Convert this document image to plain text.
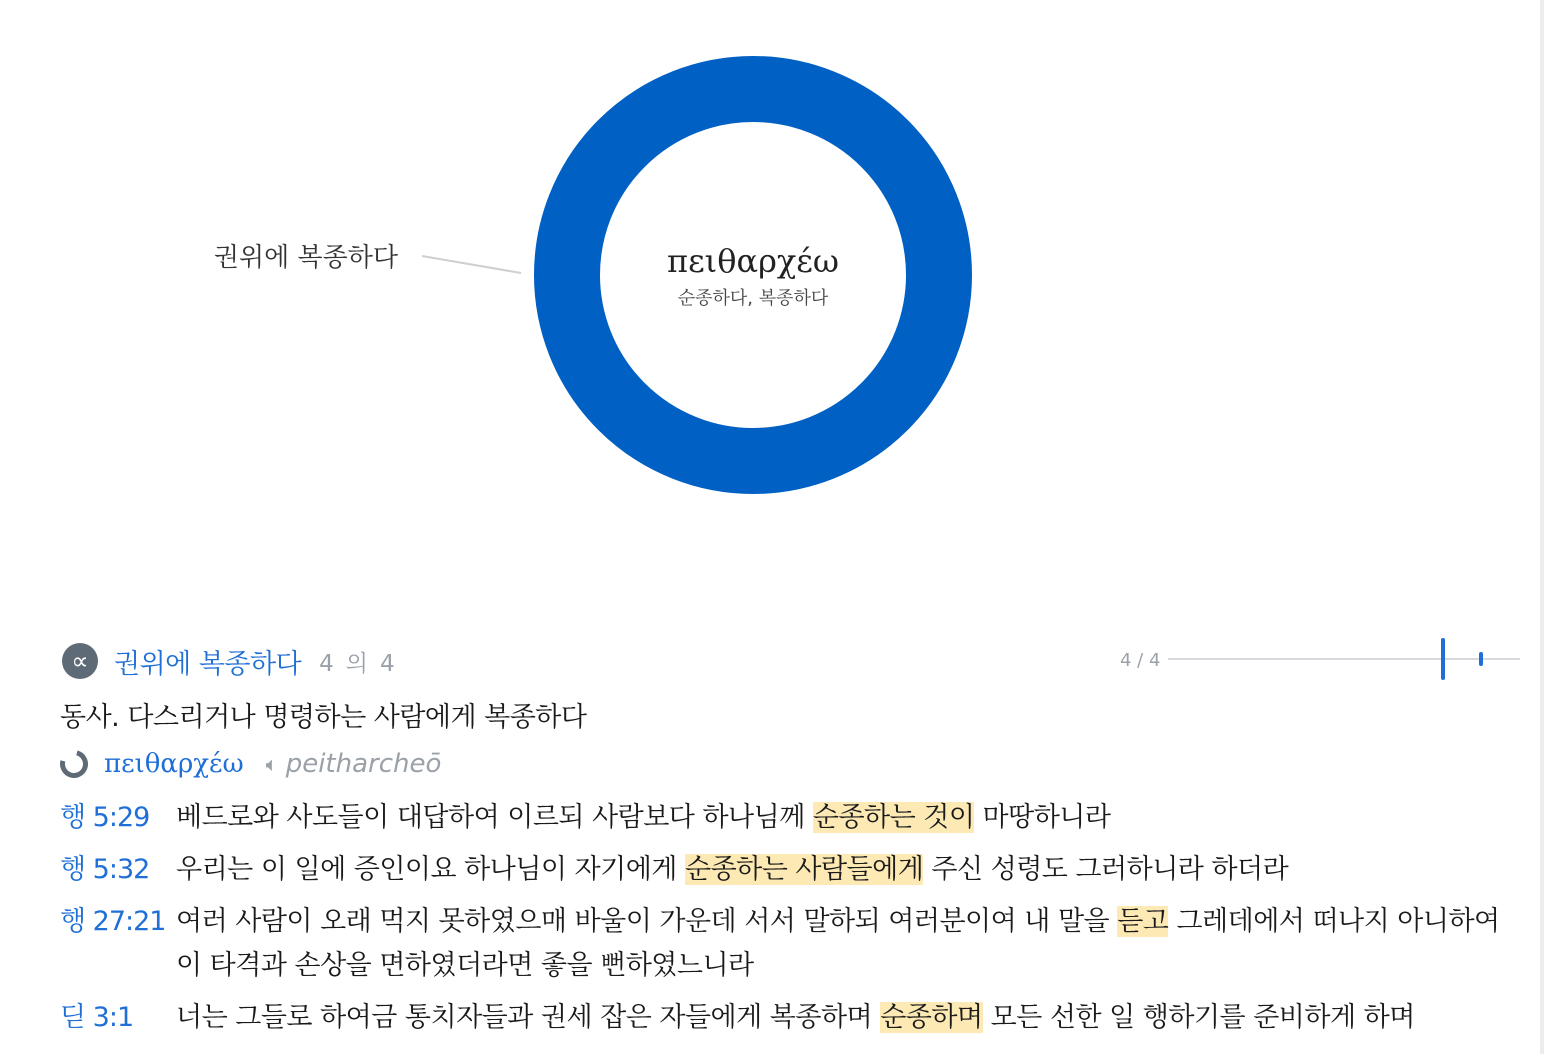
권위에 복종하다	πειθαρχέω
순종하다, 복종하다
∝ 권위에 복종하다 4 의 4	4 / 4
동사. 다스리거나 명령하는 사람에게 복종하다
πειθαρχέω 🔈︎ peitharcheō
행 5:29 베드로와 사도들이 대답하여 이르되 사람보다 하나님께 순종하는 것이 마땅하니라
행 5:32 우리는 이 일에 증인이요 하나님이 자기에게 순종하는 사람들에게 주신 성령도 그러하니라 하더라
행 27:21 여러 사람이 오래 먹지 못하였으매 바울이 가운데 서서 말하되 여러분이여 내 말을 듣고 그레데에서 떠나지 아니하여 이 타격과 손상을 면하였더라면 좋을 뻔하였느니라
딛 3:1	너는 그들로 하여금 통치자들과 권세 잡은 자들에게 복종하며 순종하며 모든 선한 일 행하기를 준비하게 하며
